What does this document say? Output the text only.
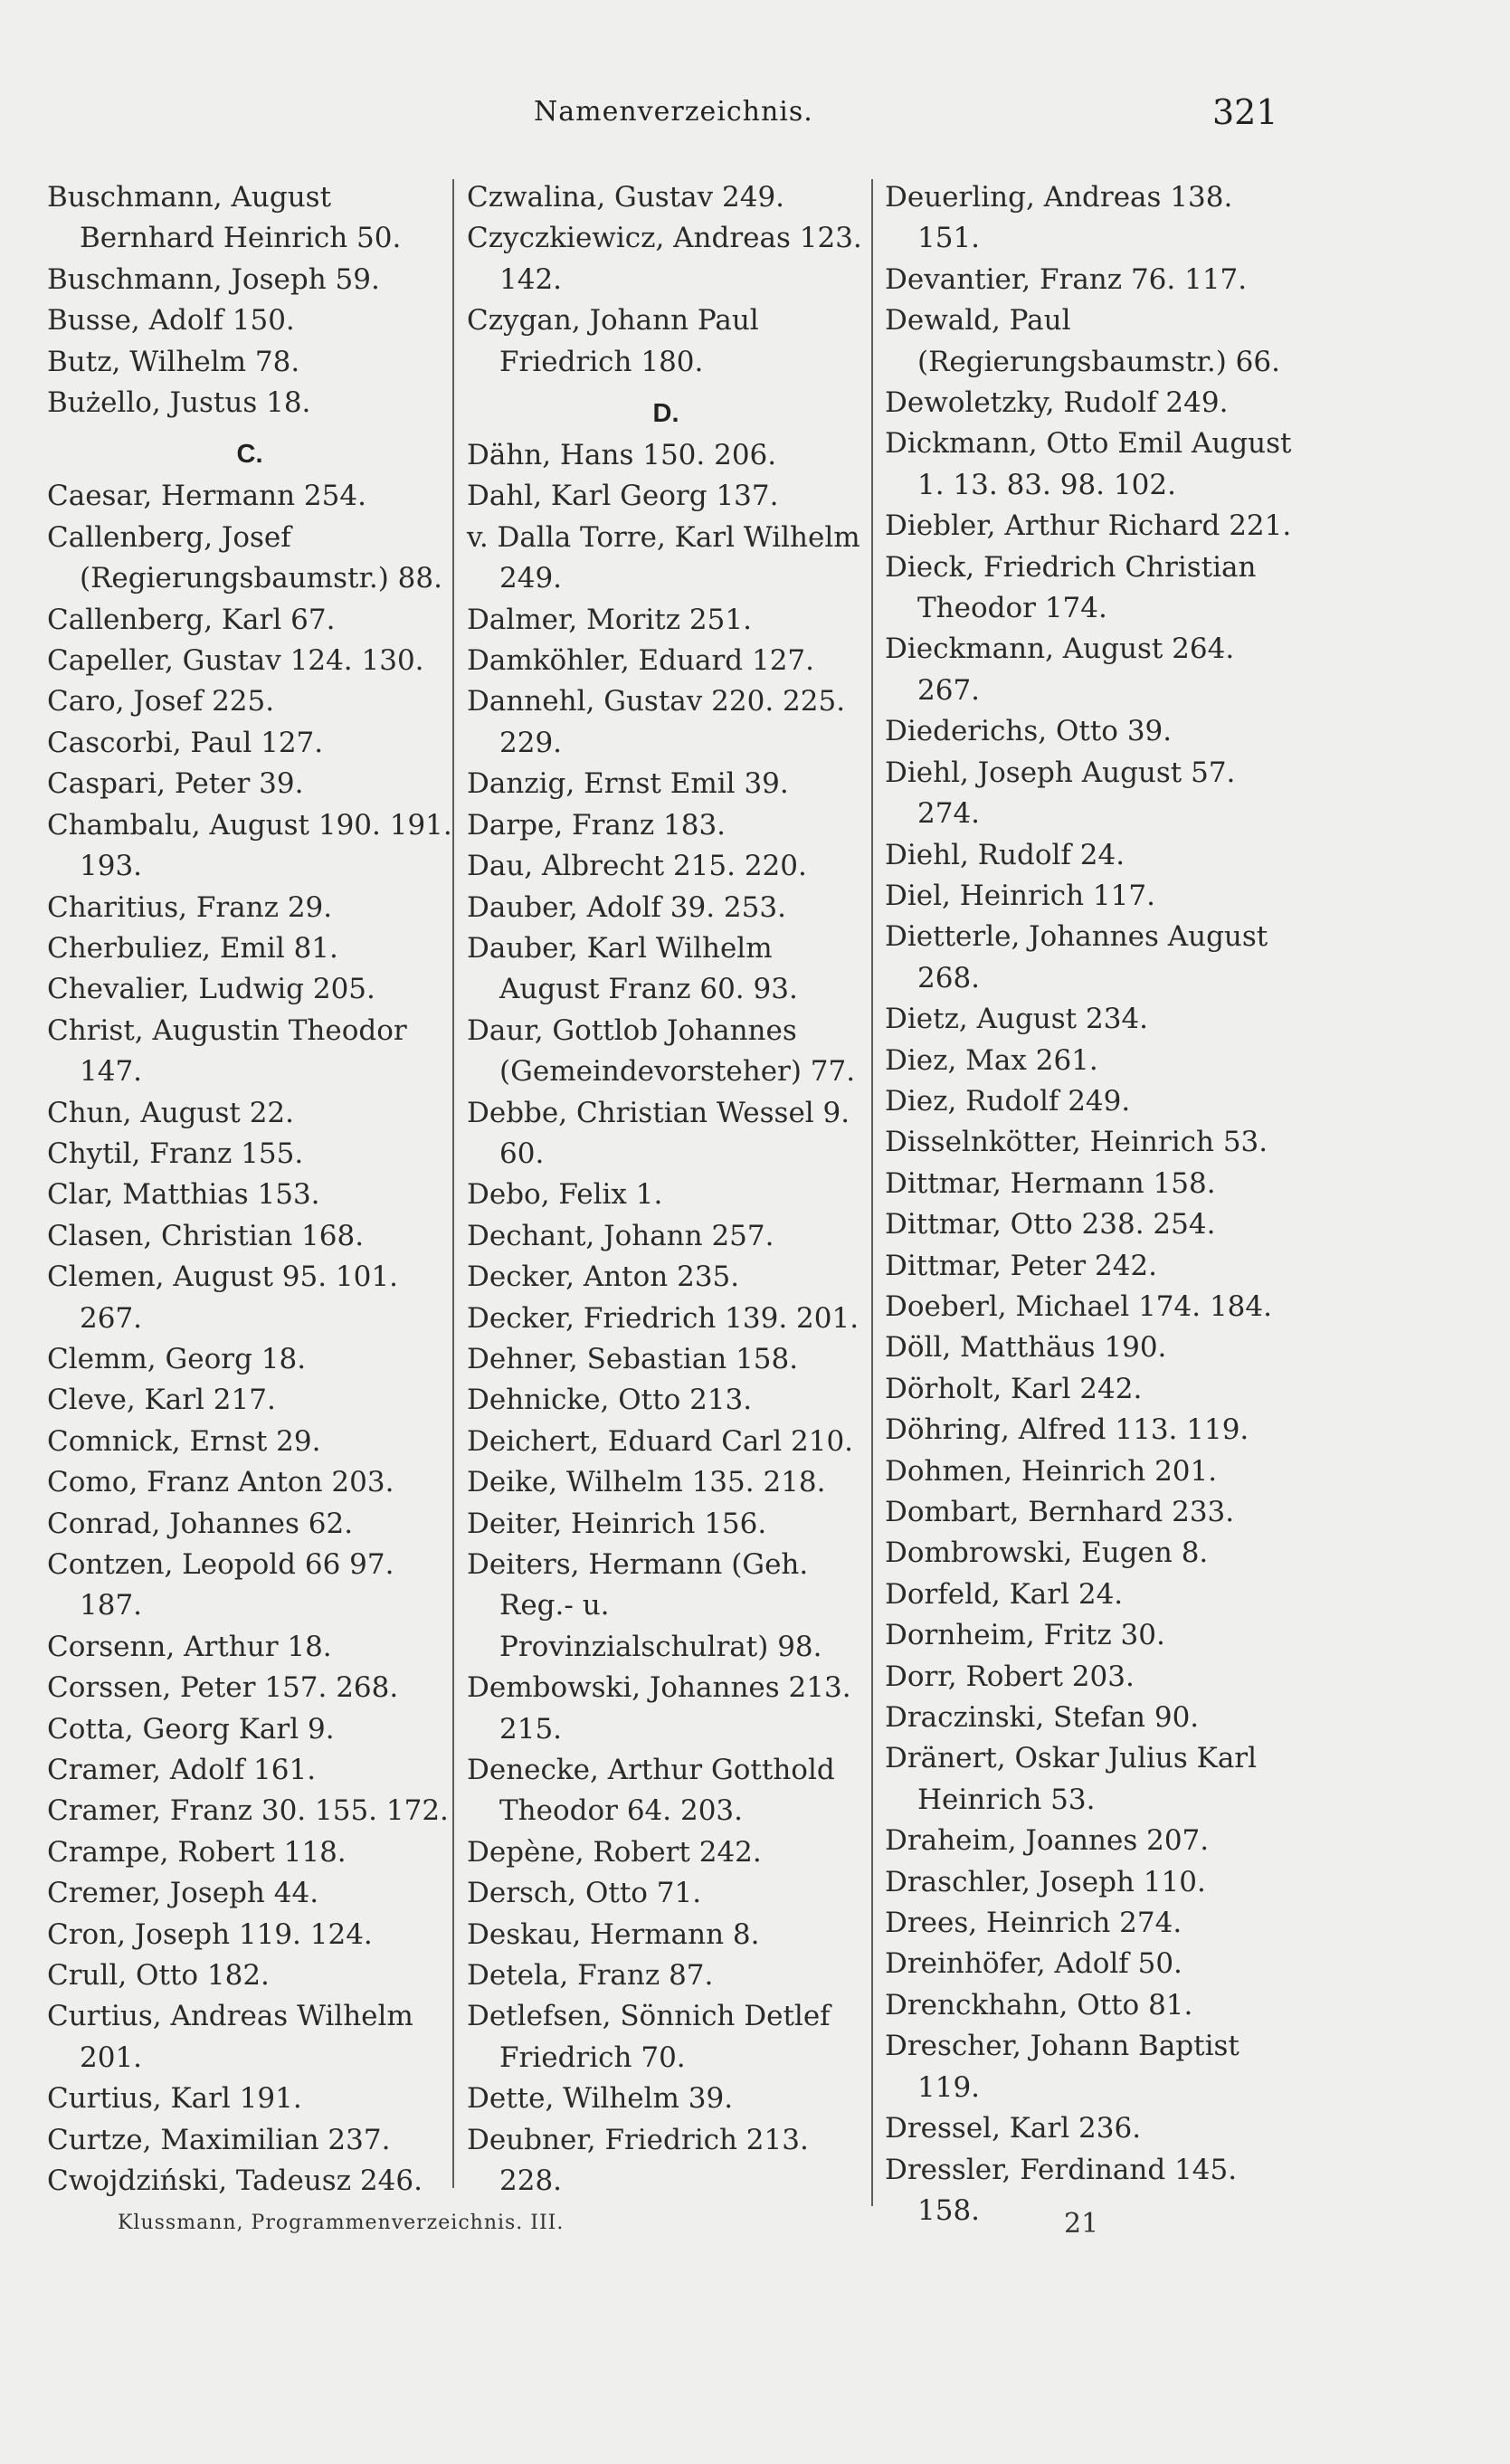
Namenverzeichnis.	321

Buschmann, August Bernhard Heinrich 50.

Buschmann, Joseph 59.

Busse, Adolf 150.

Butz, Wilhelm 78.

Bużello, Justus 18.

C.

Caesar, Hermann 254.

Callenberg, Josef (Regierungsbaumstr.) 88.

Callenberg, Karl 67.

Capeller, Gustav 124. 130.

Caro, Josef 225.

Cascorbi, Paul 127.

Caspari, Peter 39.

Chambalu, August 190. 191. 193.

Charitius, Franz 29.

Cherbuliez, Emil 81.

Chevalier, Ludwig 205.

Christ, Augustin Theodor 147.

Chun, August 22.

Chytil, Franz 155.

Clar, Matthias 153.

Clasen, Christian 168.

Clemen, August 95. 101. 267.

Clemm, Georg 18.

Cleve, Karl 217.

Comnick, Ernst 29.

Como, Franz Anton 203.

Conrad, Johannes 62.

Contzen, Leopold 66 97. 187.

Corsenn, Arthur 18.

Corssen, Peter 157. 268.

Cotta, Georg Karl 9.

Cramer, Adolf 161.

Cramer, Franz 30. 155. 172.

Crampe, Robert 118.

Cremer, Joseph 44.

Cron, Joseph 119. 124.

Crull, Otto 182.

Curtius, Andreas Wilhelm 201.

Curtius, Karl 191.

Curtze, Maximilian 237.

Cwojdziński, Tadeusz 246.

Czwalina, Gustav 249.

Czyczkiewicz, Andreas 123. 142.

Czygan, Johann Paul Friedrich 180.

D.

Dähn, Hans 150. 206.

Dahl, Karl Georg 137.

v. Dalla Torre, Karl Wilhelm 249.

Dalmer, Moritz 251.

Damköhler, Eduard 127.

Dannehl, Gustav 220. 225. 229.

Danzig, Ernst Emil 39.

Darpe, Franz 183.

Dau, Albrecht 215. 220.

Dauber, Adolf 39. 253.

Dauber, Karl Wilhelm August Franz 60. 93.

Daur, Gottlob Johannes (Gemeindevorsteher) 77.

Debbe, Christian Wessel 9. 60.

Debo, Felix 1.

Dechant, Johann 257.

Decker, Anton 235.

Decker, Friedrich 139. 201.

Dehner, Sebastian 158.

Dehnicke, Otto 213.

Deichert, Eduard Carl 210.

Deike, Wilhelm 135. 218.

Deiter, Heinrich 156.

Deiters, Hermann (Geh. Reg.- u. Provinzialschulrat) 98.

Dembowski, Johannes 213. 215.

Denecke, Arthur Gotthold Theodor 64. 203.

Depène, Robert 242.

Dersch, Otto 71.

Deskau, Hermann 8.

Detela, Franz 87.

Detlefsen, Sönnich Detlef Friedrich 70.

Dette, Wilhelm 39.

Deubner, Friedrich 213. 228.

Deuerling, Andreas 138. 151.

Devantier, Franz 76. 117.

Dewald, Paul (Regierungsbaumstr.) 66.

Dewoletzky, Rudolf 249.

Dickmann, Otto Emil August 1. 13. 83. 98. 102.

Diebler, Arthur Richard 221.

Dieck, Friedrich Christian Theodor 174.

Dieckmann, August 264. 267.

Diederichs, Otto 39.

Diehl, Joseph August 57. 274.

Diehl, Rudolf 24.

Diel, Heinrich 117.

Dietterle, Johannes August 268.

Dietz, August 234.

Diez, Max 261.

Diez, Rudolf 249.

Disselnkötter, Heinrich 53.

Dittmar, Hermann 158.

Dittmar, Otto 238. 254.

Dittmar, Peter 242.

Doeberl, Michael 174. 184.

Döll, Matthäus 190.

Dörholt, Karl 242.

Döhring, Alfred 113. 119.

Dohmen, Heinrich 201.

Dombart, Bernhard 233.

Dombrowski, Eugen 8.

Dorfeld, Karl 24.

Dornheim, Fritz 30.

Dorr, Robert 203.

Draczinski, Stefan 90.

Dränert, Oskar Julius Karl Heinrich 53.

Draheim, Joannes 207.

Draschler, Joseph 110.

Drees, Heinrich 274.

Dreinhöfer, Adolf 50.

Drenckhahn, Otto 81.

Drescher, Johann Baptist 119.

Dressel, Karl 236.

Dressler, Ferdinand 145. 158.

Klussmann, Programmenverzeichnis. III.	21
